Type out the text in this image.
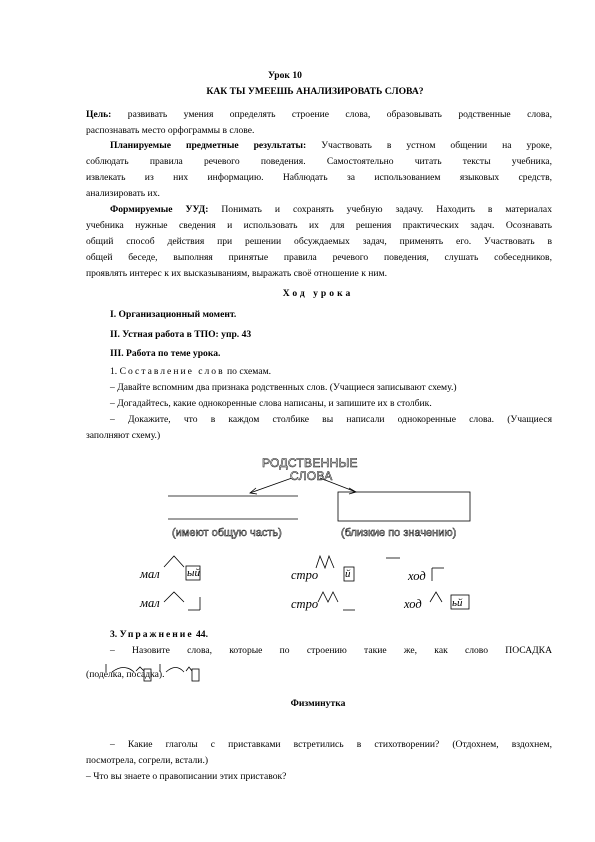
Урок 10
КАК ТЫ УМЕЕШЬ АНАЛИЗИРОВАТЬ СЛОВА?
Цель: развивать умения определять строение слова, образовывать родственные слова,
распознавать место орфограммы в слове.
Планируемые предметные результаты: Участвовать в устном общении на уроке,
соблюдать правила речевого поведения. Самостоятельно читать тексты учебника,
извлекать из них информацию. Наблюдать за использованием языковых средств,
анализировать их.
Формируемые УУД: Понимать и сохранять учебную задачу. Находить в материалах
учебника нужные сведения и использовать их для решения практических задач. Осознавать
общий способ действия при решении обсуждаемых задач, применять его. Участвовать в
общей беседе, выполняя принятые правила речевого поведения, слушать собеседников,
проявлять интерес к их высказываниям, выражать своё отношение к ним.
Ход урока
I. Организационный момент.
II. Устная работа в ТПО: упр. 43
III. Работа по теме урока.
1. Составление слов по схемам.
– Давайте вспомним два признака родственных слов. (Учащиеся записывают схему.)
– Догадайтесь, какие однокоренные слова написаны, и запишите их в столбик.
– Докажите, что в каждом столбике вы написали однокоренные слова. (Учащиеся
заполняют схему.)
РОДСТВЕННЫЕ
СЛОВА
(имеют общую часть)	(близкие по значению)
мал ый
мал
стро й
стро
ход
ход	ьй
3. Упражнение 44.
– Назовите слова, которые по строению такие же, как слово ПОСАДКА
(поделка, посадка).
Физминутка
– Какие глаголы с приставками встретились в стихотворении? (Отдохнем, вздохнем,
посмотрела, согрели, встали.)
– Что вы знаете о правописании этих приставок?
